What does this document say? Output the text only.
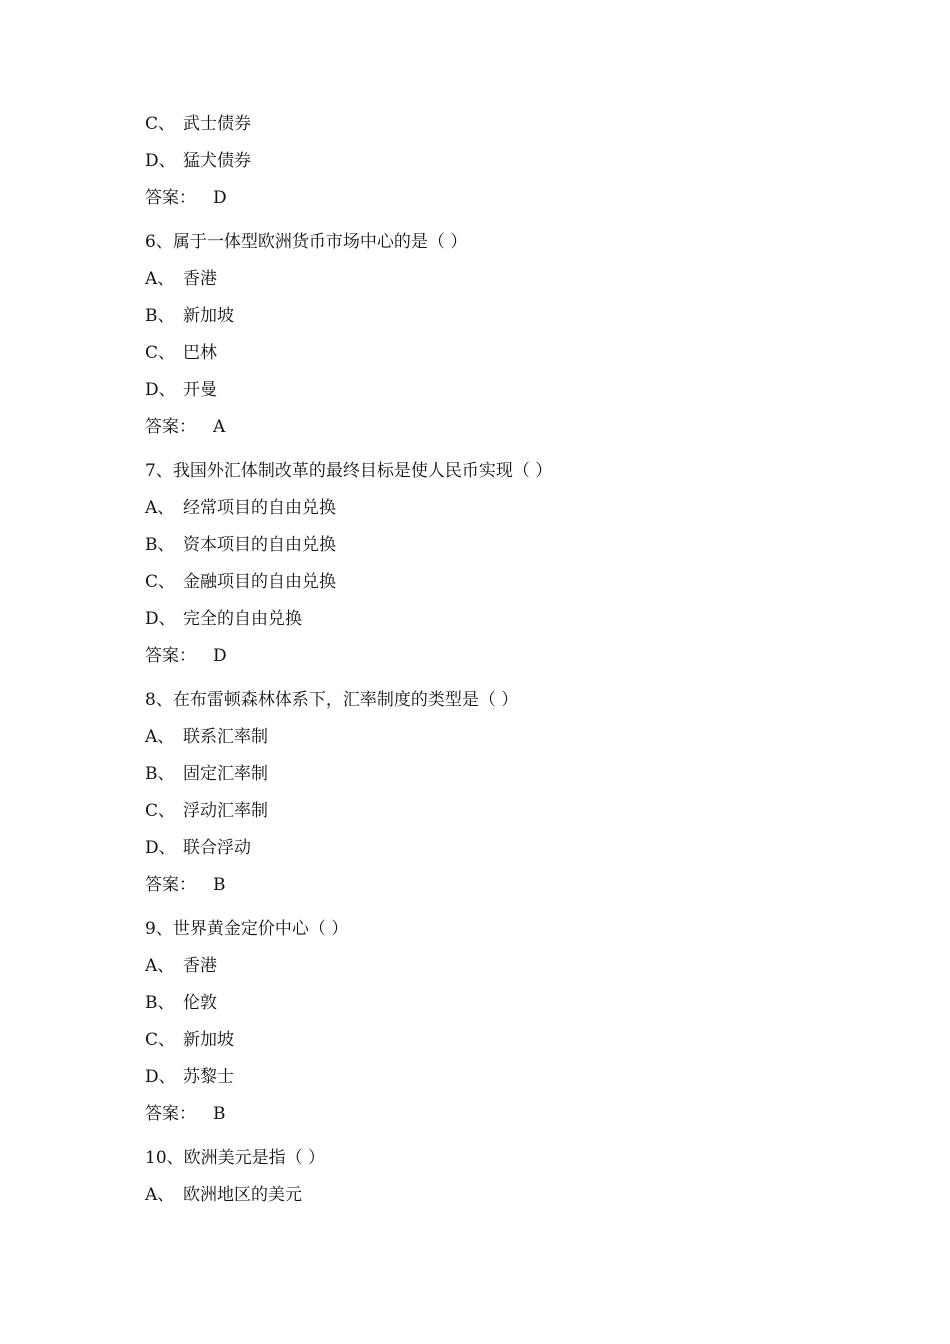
C、 武士债券
D、 猛犬债券
答案： D
6、属于一体型欧洲货币市场中心的是（ ）
A、 香港
B、 新加坡
C、 巴林
D、 开曼
答案： A
7、我国外汇体制改革的最终目标是使人民币实现（ ）
A、 经常项目的自由兑换
B、 资本项目的自由兑换
C、 金融项目的自由兑换
D、 完全的自由兑换
答案： D
8、在布雷顿森林体系下，汇率制度的类型是（ ）
A、 联系汇率制
B、 固定汇率制
C、 浮动汇率制
D、 联合浮动
答案： B
9、世界黄金定价中心（ ）
A、 香港
B、 伦敦
C、 新加坡
D、 苏黎士
答案： B
10、欧洲美元是指（ ）
A、 欧洲地区的美元
